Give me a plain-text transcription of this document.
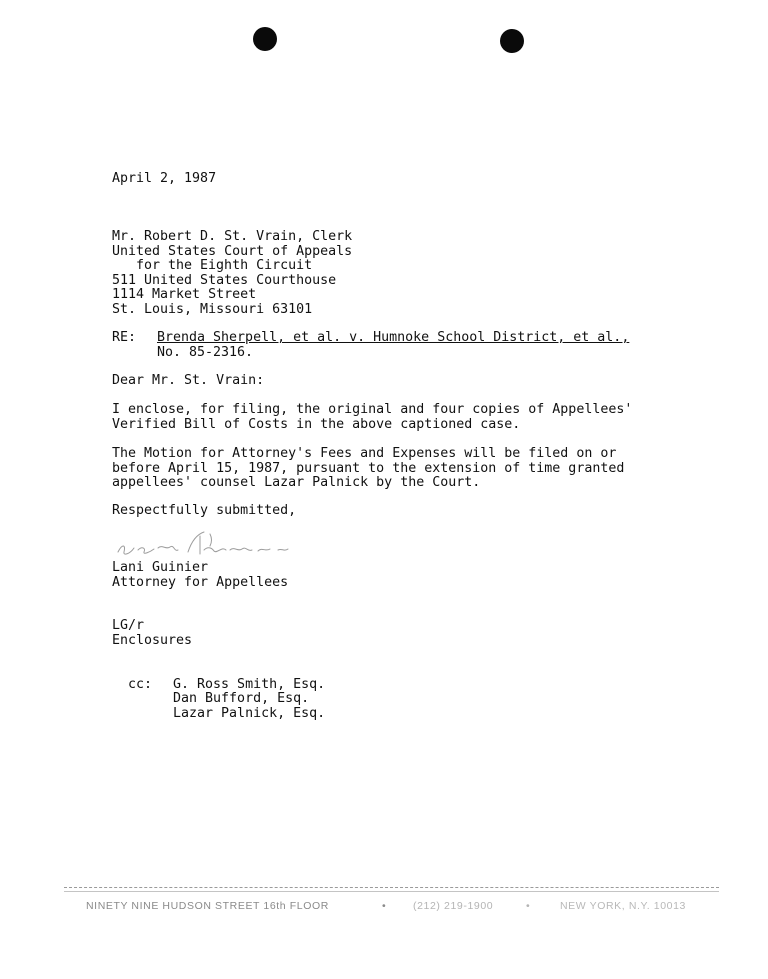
April 2, 1987
Mr. Robert D. St. Vrain, Clerk
United States Court of Appeals
for the Eighth Circuit
511 United States Courthouse
1114 Market Street
St. Louis, Missouri 63101
RE: Brenda Sherpell, et al. v. Humnoke School District, et al.,
No. 85-2316.
Dear Mr. St. Vrain:
I enclose, for filing, the original and four copies of Appellees'
Verified Bill of Costs in the above captioned case.
The Motion for Attorney's Fees and Expenses will be filed on or
before April 15, 1987, pursuant to the extension of time granted
appellees' counsel Lazar Palnick by the Court.
Respectfully submitted,
Lani Guinier
Attorney for Appellees
LG/r
Enclosures

cc: G. Ross Smith, Esq.
Dan Bufford, Esq.
Lazar Palnick, Esq.

NINETY NINE HUDSON STREET 16th FLOOR	•	(212) 219-1900	•	NEW YORK, N.Y. 10013
